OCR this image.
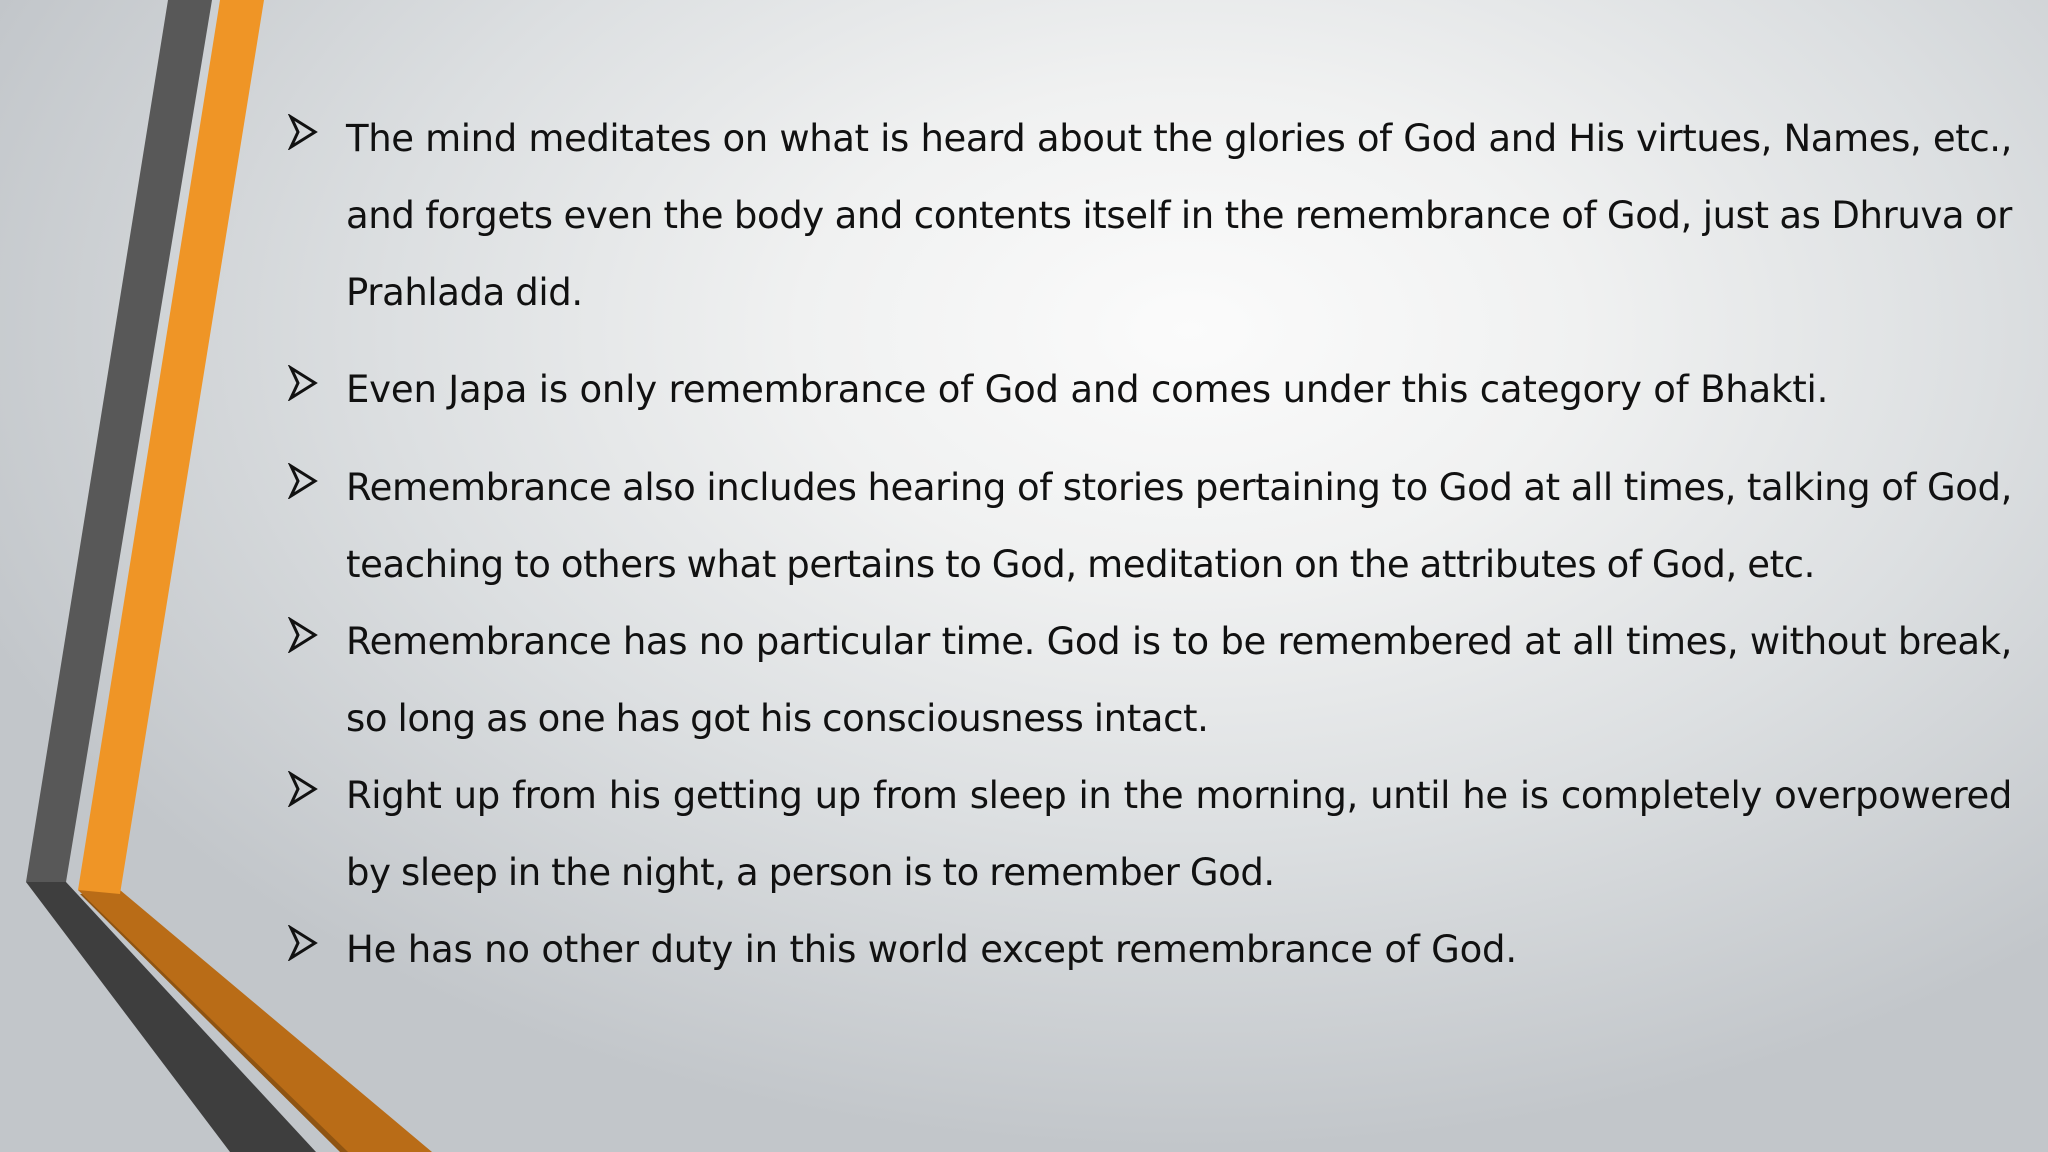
The mind meditates on what is heard about the glories of God and His virtues, Names, etc., and forgets even the body and contents itself in the remembrance of God, just as Dhruva or Prahlada did.
Even Japa is only remembrance of God and comes under this category of Bhakti.
Remembrance also includes hearing of stories pertaining to God at all times, talking of God, teaching to others what pertains to God, meditation on the attributes of God, etc.
Remembrance has no particular time. God is to be remembered at all times, without break, so long as one has got his consciousness intact.
Right up from his getting up from sleep in the morning, until he is completely overpowered by sleep in the night, a person is to remember God.
He has no other duty in this world except remembrance of God.
